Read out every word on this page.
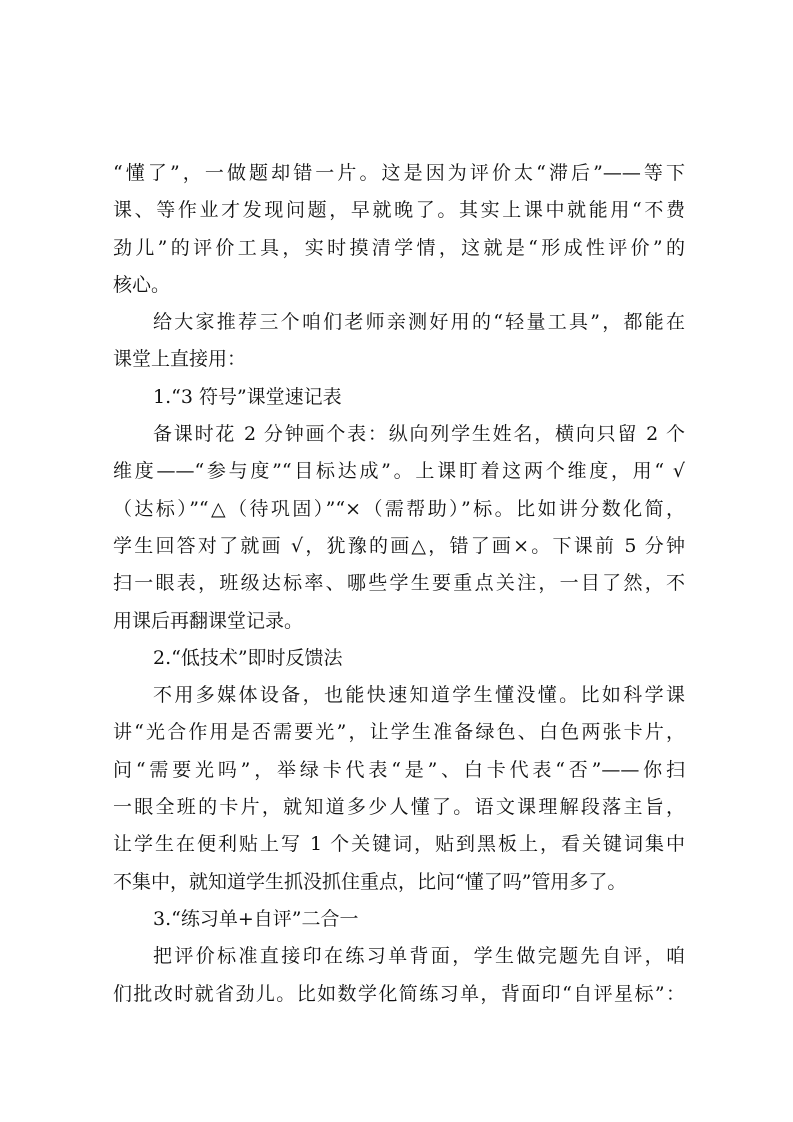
“懂了”，一做题却错一片。这是因为评价太“滞后”——等下
课、等作业才发现问题，早就晚了。其实上课中就能用“不费
劲儿”的评价工具，实时摸清学情，这就是“形成性评价”的
核心。
给大家推荐三个咱们老师亲测好用的“轻量工具”，都能在
课堂上直接用：
1.“3 符号”课堂速记表
备课时花 2 分钟画个表：纵向列学生姓名，横向只留 2 个
维度——“参与度”“目标达成”。上课盯着这两个维度，用“ √
（达标）”“△（待巩固）”“×（需帮助）”标。比如讲分数化简，
学生回答对了就画 √，犹豫的画△，错了画×。下课前 5 分钟
扫一眼表，班级达标率、哪些学生要重点关注，一目了然，不
用课后再翻课堂记录。
2.“低技术”即时反馈法
不用多媒体设备，也能快速知道学生懂没懂。比如科学课
讲“光合作用是否需要光”，让学生准备绿色、白色两张卡片，
问“需要光吗”，举绿卡代表“是”、白卡代表“否”——你扫
一眼全班的卡片，就知道多少人懂了。语文课理解段落主旨，
让学生在便利贴上写 1 个关键词，贴到黑板上，看关键词集中
不集中，就知道学生抓没抓住重点，比问“懂了吗”管用多了。
3.“练习单+自评”二合一
把评价标准直接印在练习单背面，学生做完题先自评，咱
们批改时就省劲儿。比如数学化简练习单，背面印“自评星标”：
